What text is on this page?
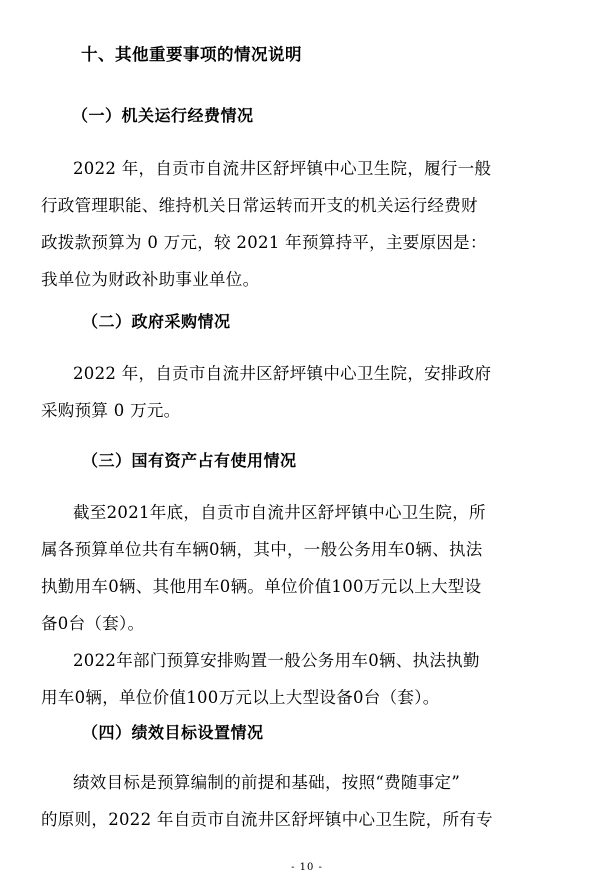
十、其他重要事项的情况说明
（一）机关运行经费情况

2022 年，自贡市自流井区舒坪镇中心卫生院，履行一般

行政管理职能、维持机关日常运转而开支的机关运行经费财

政拨款预算为 0 万元，较 2021 年预算持平，主要原因是：

我单位为财政补助事业单位。

（二）政府采购情况

2022 年，自贡市自流井区舒坪镇中心卫生院，安排政府

采购预算 0 万元。

（三）国有资产占有使用情况

截至2021年底，自贡市自流井区舒坪镇中心卫生院，所

属各预算单位共有车辆0辆，其中，一般公务用车0辆、执法

执勤用车0辆、其他用车0辆。单位价值100万元以上大型设

备0台（套）。

2022年部门预算安排购置一般公务用车0辆、执法执勤

用车0辆，单位价值100万元以上大型设备0台（套）。

（四）绩效目标设置情况

绩效目标是预算编制的前提和基础，按照“费随事定”

的原则，2022 年自贡市自流井区舒坪镇中心卫生院，所有专

- 10 -
